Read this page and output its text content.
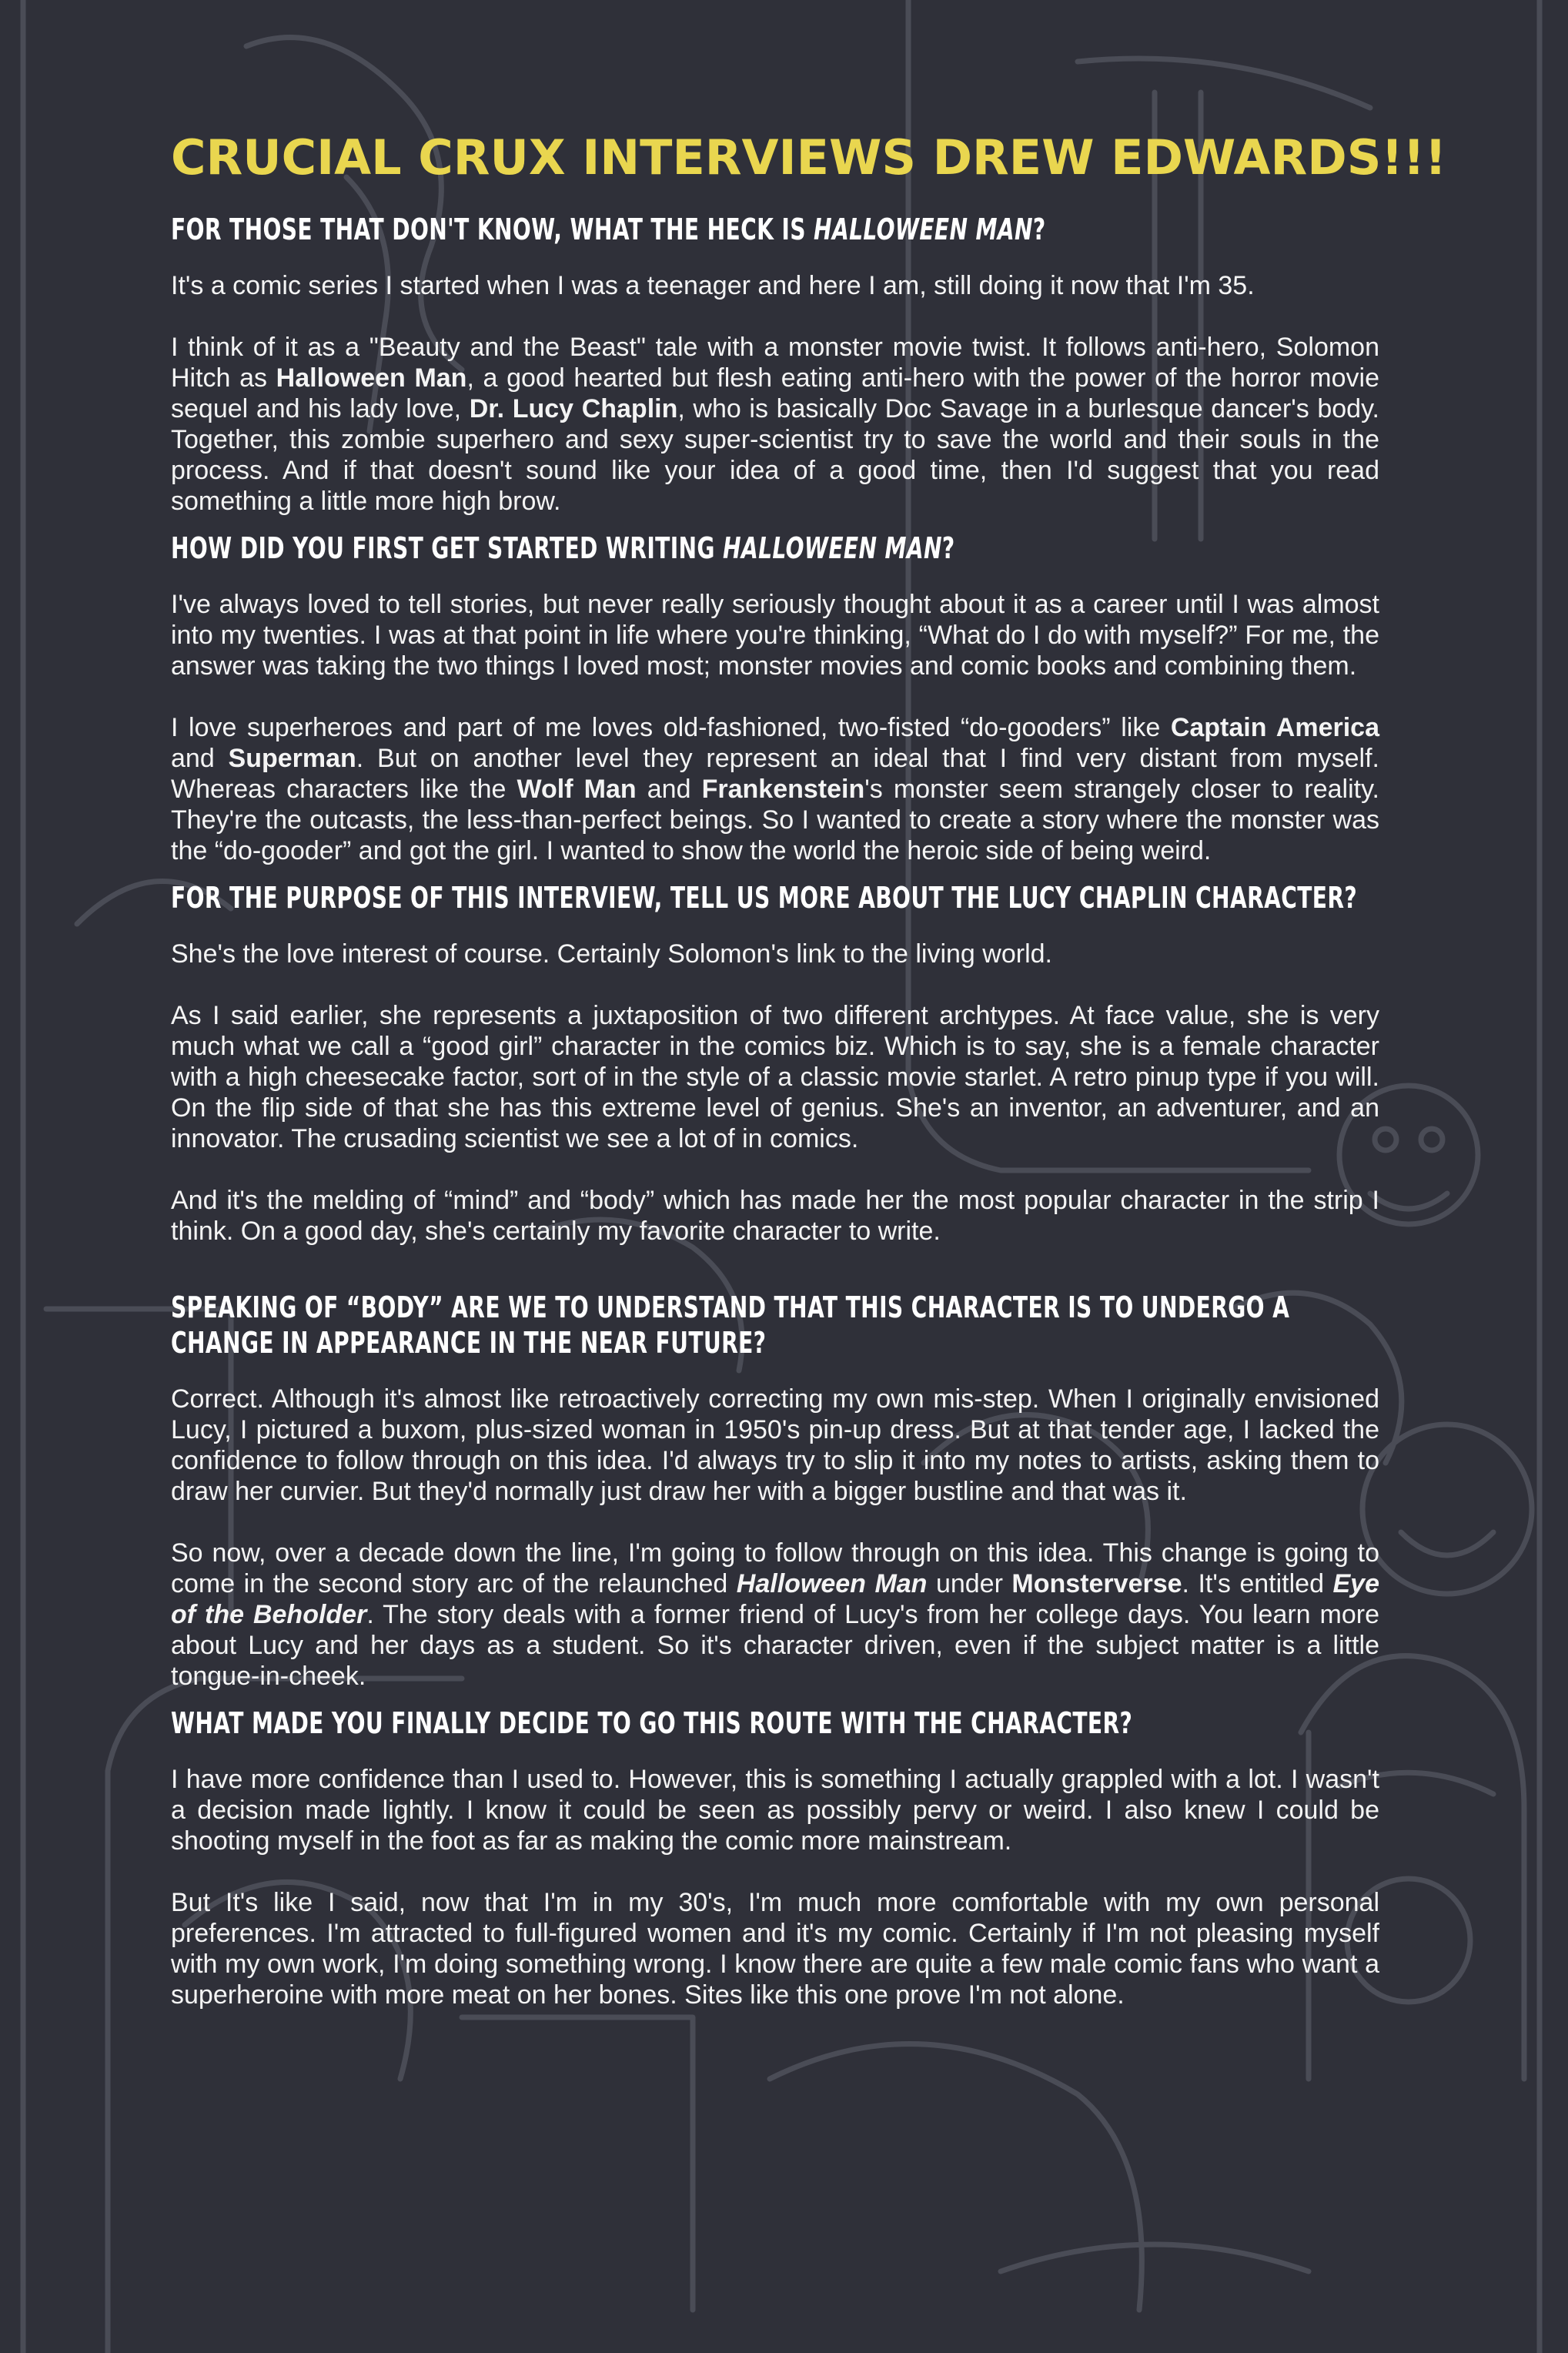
CRUCIAL CRUX INTERVIEWS DREW EDWARDS!!!
FOR THOSE THAT DON'T KNOW, WHAT THE HECK IS HALLOWEEN MAN?

It's a comic series I started when I was a teenager and here I am, still doing it now that I'm 35.

I think of it as a "Beauty and the Beast" tale with a monster movie twist. It follows anti-hero, Solomon Hitch as Halloween Man, a good hearted but flesh eating anti-hero with the power of the horror movie sequel and his lady love, Dr. Lucy Chaplin, who is basically Doc Savage in a burlesque dancer's body. Together, this zombie superhero and sexy super-scientist try to save the world and their souls in the process. And if that doesn't sound like your idea of a good time, then I'd suggest that you read something a little more high brow.

HOW DID YOU FIRST GET STARTED WRITING HALLOWEEN MAN?

I've always loved to tell stories, but never really seriously thought about it as a career until I was almost into my twenties. I was at that point in life where you're thinking, “What do I do with myself?” For me, the answer was taking the two things I loved most; monster movies and comic books and combining them.

I love superheroes and part of me loves old-fashioned, two-fisted “do-gooders” like Captain America and Superman. But on another level they represent an ideal that I find very distant from myself. Whereas characters like the Wolf Man and Frankenstein's monster seem strangely closer to reality. They're the outcasts, the less-than-perfect beings. So I wanted to create a story where the monster was the “do-gooder” and got the girl. I wanted to show the world the heroic side of being weird.

FOR THE PURPOSE OF THIS INTERVIEW, TELL US MORE ABOUT THE LUCY CHAPLIN CHARACTER?

She's the love interest of course. Certainly Solomon's link to the living world.

As I said earlier, she represents a juxtaposition of two different archtypes. At face value, she is very much what we call a “good girl” character in the comics biz. Which is to say, she is a female character with a high cheesecake factor, sort of in the style of a classic movie starlet. A retro pinup type if you will. On the flip side of that she has this extreme level of genius. She's an inventor, an adventurer, and an innovator. The crusading scientist we see a lot of in comics.

And it's the melding of “mind” and “body” which has made her the most popular character in the strip I think. On a good day, she's certainly my favorite character to write.

SPEAKING OF “BODY” ARE WE TO UNDERSTAND THAT THIS CHARACTER IS TO UNDERGO A CHANGE IN APPEARANCE IN THE NEAR FUTURE?

Correct. Although it's almost like retroactively correcting my own mis-step. When I originally envisioned Lucy, I pictured a buxom, plus-sized woman in 1950's pin-up dress. But at that tender age, I lacked the confidence to follow through on this idea. I'd always try to slip it into my notes to artists, asking them to draw her curvier. But they'd normally just draw her with a bigger bustline and that was it.

So now, over a decade down the line, I'm going to follow through on this idea. This change is going to come in the second story arc of the relaunched Halloween Man under Monsterverse. It's entitled Eye of the Beholder. The story deals with a former friend of Lucy's from her college days. You learn more about Lucy and her days as a student. So it's character driven, even if the subject matter is a little tongue-in-cheek.

WHAT MADE YOU FINALLY DECIDE TO GO THIS ROUTE WITH THE CHARACTER?

I have more confidence than I used to. However, this is something I actually grappled with a lot. I wasn't a decision made lightly. I know it could be seen as possibly pervy or weird. I also knew I could be shooting myself in the foot as far as making the comic more mainstream.

But It's like I said, now that I'm in my 30's, I'm much more comfortable with my own personal preferences. I'm attracted to full-figured women and it's my comic. Certainly if I'm not pleasing myself with my own work, I'm doing something wrong. I know there are quite a few male comic fans who want a superheroine with more meat on her bones. Sites like this one prove I'm not alone.
